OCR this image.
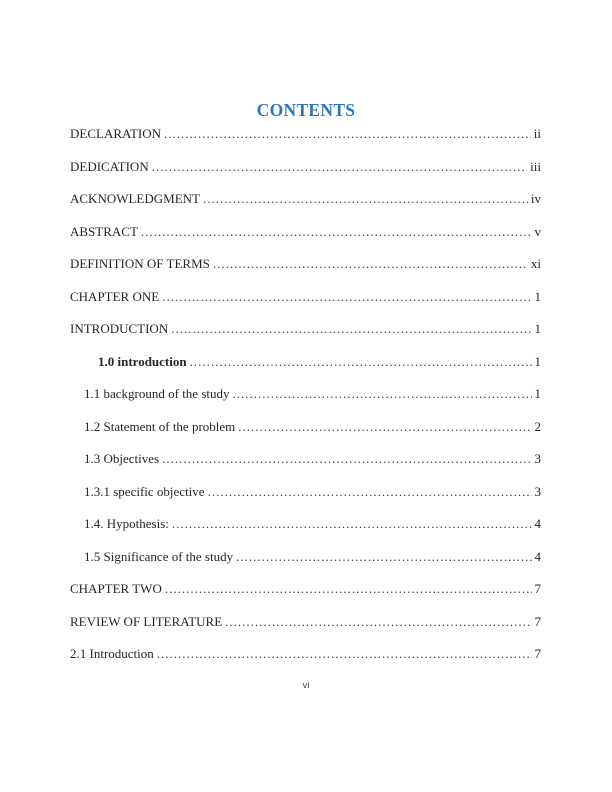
CONTENTS
DECLARATION .....	ii
DEDICATION .....	iii
ACKNOWLEDGMENT .....	iv
ABSTRACT .....	v
DEFINITION OF TERMS .....	xi
CHAPTER ONE .....	1
INTRODUCTION .....	1
1.0 introduction .....	1
1.1 background of the study .....	1
1.2 Statement of the problem .....	2
1.3 Objectives .....	3
1.3.1 specific objective .....	3
1.4. Hypothesis: .....	4
1.5 Significance of the study .....	4
CHAPTER TWO .....	7
REVIEW OF LITERATURE .....	7
2.1 Introduction .....	7
vi
